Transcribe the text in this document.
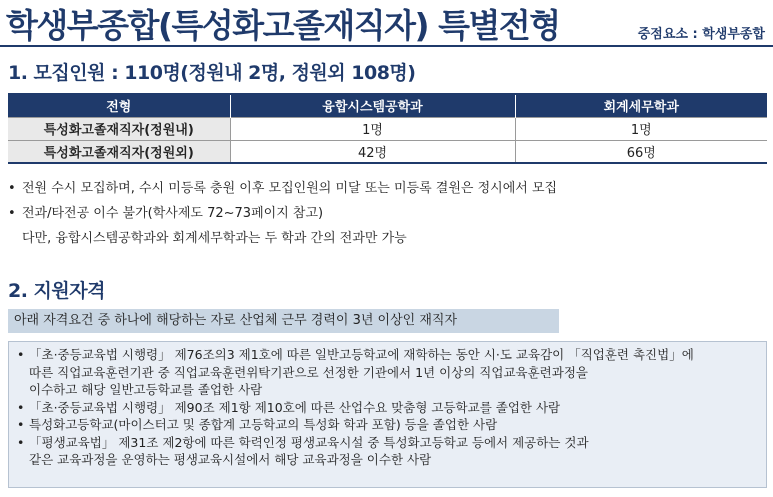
학생부종합(특성화고졸재직자) 특별전형	중점요소 : 학생부종합
1. 모집인원 : 110명(정원내 2명, 정원외 108명)
전형	융합시스템공학과	회계세무학과
특성화고졸재직자(정원내)	1명	1명
특성화고졸재직자(정원외)	42명	66명
• 전원 수시 모집하며, 수시 미등록 충원 이후 모집인원의 미달 또는 미등록 결원은 정시에서 모집
• 전과/타전공 이수 불가(학사제도 72~73페이지 참고)
다만, 융합시스템공학과와 회계세무학과는 두 학과 간의 전과만 가능
2. 지원자격
아래 자격요건 중 하나에 해당하는 자로 산업체 근무 경력이 3년 이상인 재직자
• 「초·중등교육법 시행령」 제76조의3 제1호에 따른 일반고등학교에 재학하는 동안 시·도 교육감이 「직업훈련 촉진법」에
따른 직업교육훈련기관 중 직업교육훈련위탁기관으로 선정한 기관에서 1년 이상의 직업교육훈련과정을
이수하고 해당 일반고등학교를 졸업한 사람
• 「초·중등교육법 시행령」 제90조 제1항 제10호에 따른 산업수요 맞춤형 고등학교를 졸업한 사람
• 특성화고등학교(마이스터고 및 종합계 고등학교의 특성화 학과 포함) 등을 졸업한 사람
• 「평생교육법」 제31조 제2항에 따른 학력인정 평생교육시설 중 특성화고등학교 등에서 제공하는 것과
같은 교육과정을 운영하는 평생교육시설에서 해당 교육과정을 이수한 사람
